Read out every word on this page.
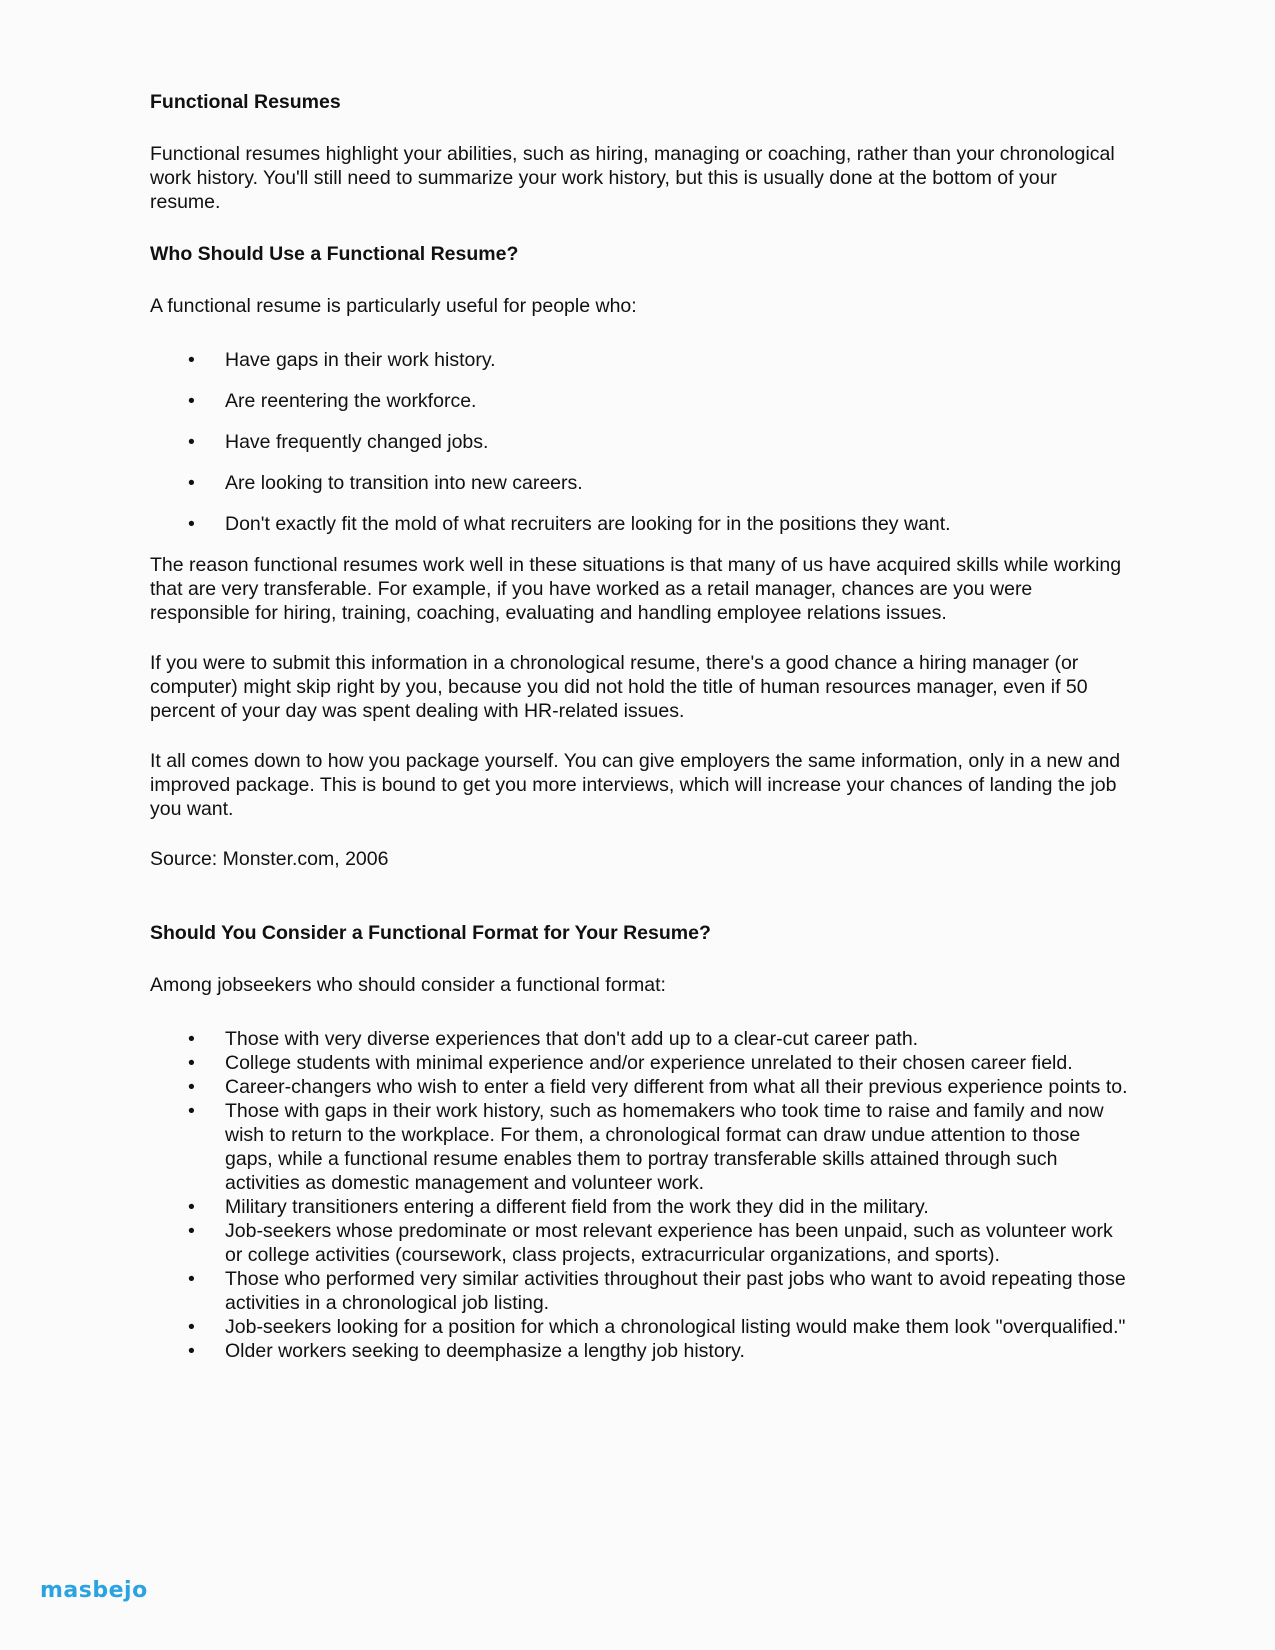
Functional Resumes

Functional resumes highlight your abilities, such as hiring, managing or coaching, rather than your chronological work history. You'll still need to summarize your work history, but this is usually done at the bottom of your resume.

Who Should Use a Functional Resume?

A functional resume is particularly useful for people who:

• Have gaps in their work history.
• Are reentering the workforce.
• Have frequently changed jobs.
• Are looking to transition into new careers.
• Don't exactly fit the mold of what recruiters are looking for in the positions they want.

The reason functional resumes work well in these situations is that many of us have acquired skills while working that are very transferable. For example, if you have worked as a retail manager, chances are you were responsible for hiring, training, coaching, evaluating and handling employee relations issues.

If you were to submit this information in a chronological resume, there's a good chance a hiring manager (or computer) might skip right by you, because you did not hold the title of human resources manager, even if 50 percent of your day was spent dealing with HR-related issues.

It all comes down to how you package yourself. You can give employers the same information, only in a new and improved package. This is bound to get you more interviews, which will increase your chances of landing the job you want.

Source: Monster.com, 2006

Should You Consider a Functional Format for Your Resume?

Among jobseekers who should consider a functional format:

• Those with very diverse experiences that don't add up to a clear-cut career path.
• College students with minimal experience and/or experience unrelated to their chosen career field.
• Career-changers who wish to enter a field very different from what all their previous experience points to.
• Those with gaps in their work history, such as homemakers who took time to raise and family and now wish to return to the workplace. For them, a chronological format can draw undue attention to those gaps, while a functional resume enables them to portray transferable skills attained through such activities as domestic management and volunteer work.
• Military transitioners entering a different field from the work they did in the military.
• Job-seekers whose predominate or most relevant experience has been unpaid, such as volunteer work or college activities (coursework, class projects, extracurricular organizations, and sports).
• Those who performed very similar activities throughout their past jobs who want to avoid repeating those activities in a chronological job listing.
• Job-seekers looking for a position for which a chronological listing would make them look "overqualified."
• Older workers seeking to deemphasize a lengthy job history.
masbejo
